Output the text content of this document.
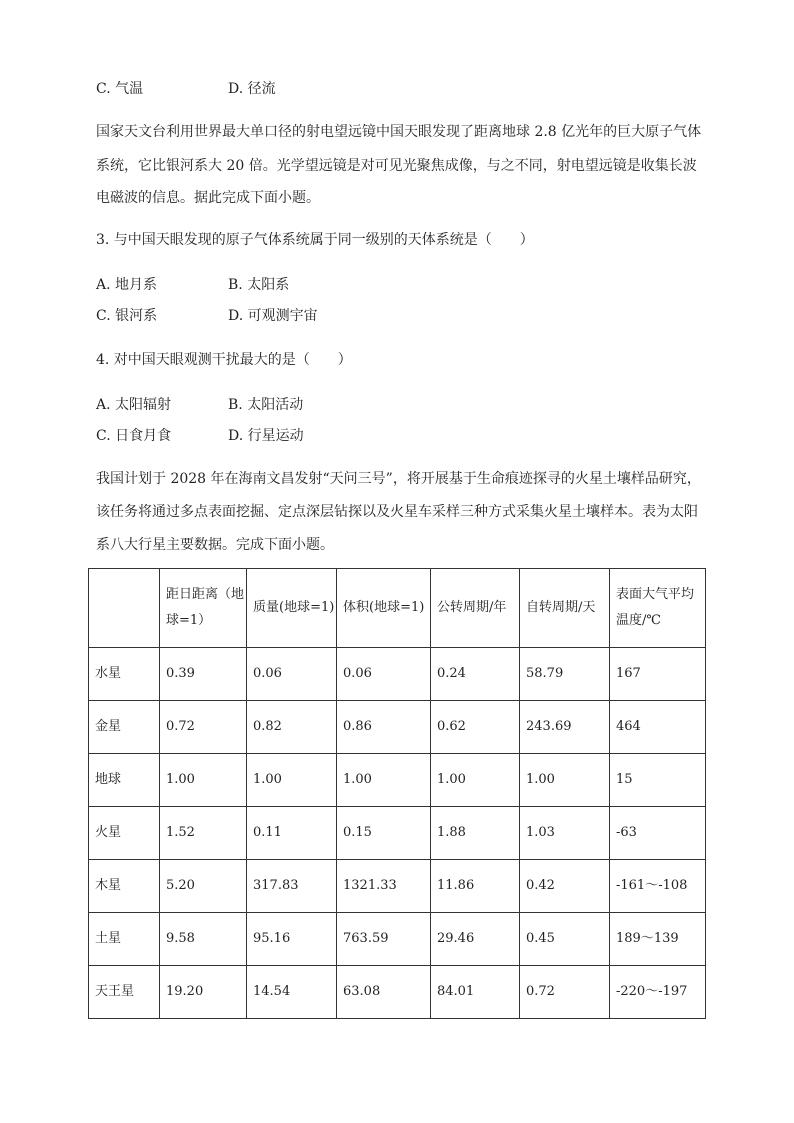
C. 气温	D. 径流
国家天文台利用世界最大单口径的射电望远镜中国天眼发现了距离地球 2.8 亿光年的巨大原子气体
系统，它比银河系大 20 倍。光学望远镜是对可见光聚焦成像，与之不同，射电望远镜是收集长波
电磁波的信息。据此完成下面小题。
3. 与中国天眼发现的原子气体系统属于同一级别的天体系统是（　　）
A. 地月系	B. 太阳系
C. 银河系	D. 可观测宇宙
4. 对中国天眼观测干扰最大的是（　　）
A. 太阳辐射	B. 太阳活动
C. 日食月食	D. 行星运动
我国计划于 2028 年在海南文昌发射“天问三号”，将开展基于生命痕迹探寻的火星土壤样品研究，
该任务将通过多点表面挖掘、定点深层钻探以及火星车采样三种方式采集火星土壤样本。表为太阳
系八大行星主要数据。完成下面小题。

	距日距离（地球=1）	质量(地球=1)	体积(地球=1)	公转周期/年	自转周期/天	表面大气平均温度/℃

水星	0.39	0.06	0.06	0.24	58.79	167
金星	0.72	0.82	0.86	0.62	243.69	464
地球	1.00	1.00	1.00	1.00	1.00	15
火星	1.52	0.11	0.15	1.88	1.03	-63
木星	5.20	317.83	1321.33	11.86	0.42	-161～-108
土星	9.58	95.16	763.59	29.46	0.45	189～139
天王星	19.20	14.54	63.08	84.01	0.72	-220～-197
